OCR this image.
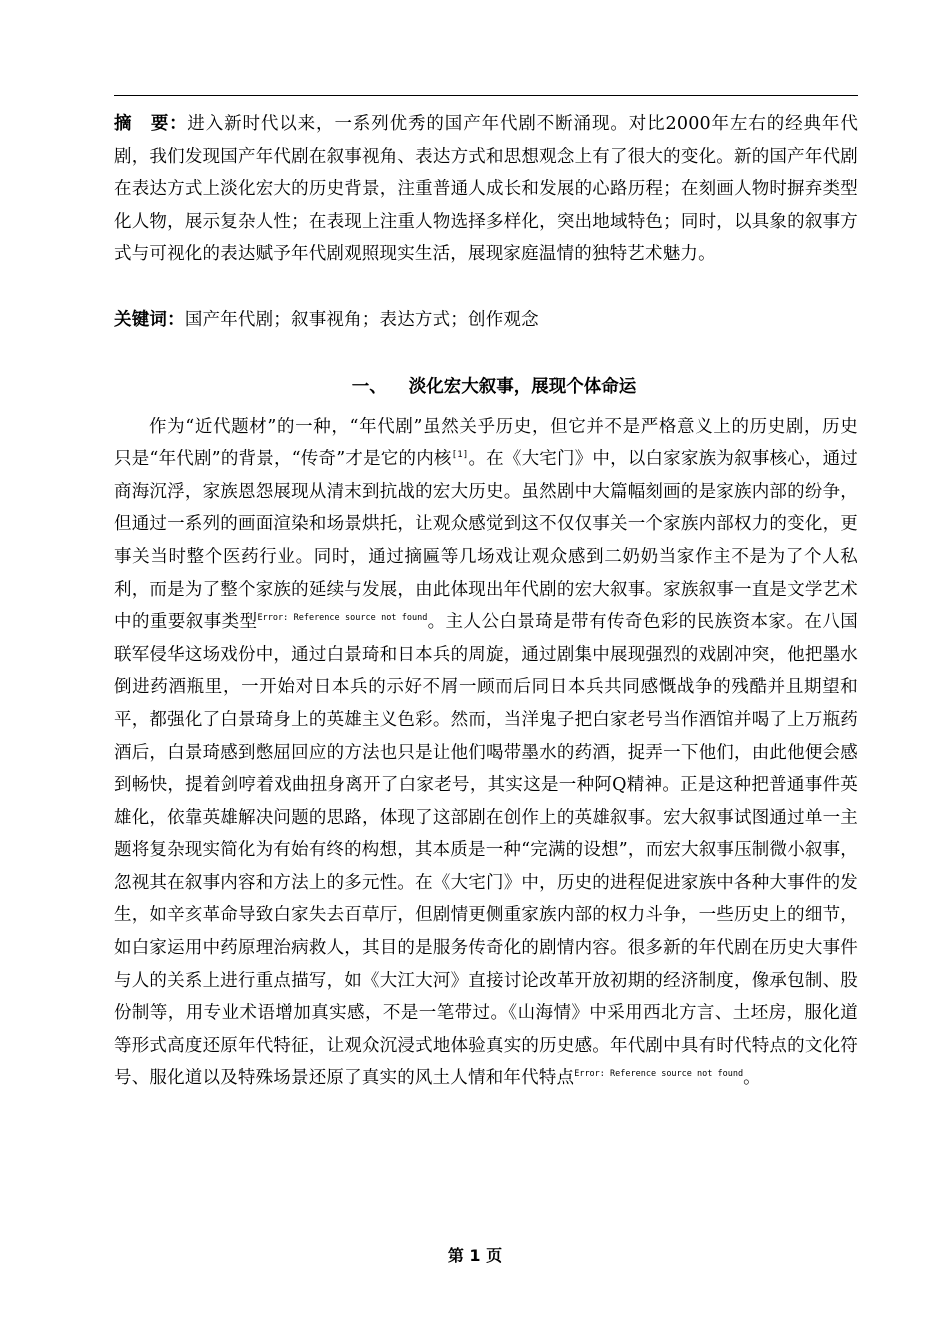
摘 要：进入新时代以来，一系列优秀的国产年代剧不断涌现。对比2000年左右的经典年代剧，我们发现国产年代剧在叙事视角、表达方式和思想观念上有了很大的变化。新的国产年代剧在表达方式上淡化宏大的历史背景，注重普通人成长和发展的心路历程；在刻画人物时摒弃类型化人物，展示复杂人性；在表现上注重人物选择多样化，突出地域特色；同时，以具象的叙事方式与可视化的表达赋予年代剧观照现实生活，展现家庭温情的独特艺术魅力。

关键词：国产年代剧；叙事视角；表达方式；创作观念

一、 淡化宏大叙事，展现个体命运

作为“近代题材”的一种，“年代剧”虽然关乎历史，但它并不是严格意义上的历史剧，历史只是“年代剧”的背景，“传奇”才是它的内核[1]。在《大宅门》中，以白家家族为叙事核心，通过商海沉浮，家族恩怨展现从清末到抗战的宏大历史。虽然剧中大篇幅刻画的是家族内部的纷争，但通过一系列的画面渲染和场景烘托，让观众感觉到这不仅仅事关一个家族内部权力的变化，更事关当时整个医药行业。同时，通过摘匾等几场戏让观众感到二奶奶当家作主不是为了个人私利，而是为了整个家族的延续与发展，由此体现出年代剧的宏大叙事。家族叙事一直是文学艺术中的重要叙事类型$^{Error: Reference source not found}$。主人公白景琦是带有传奇色彩的民族资本家。在八国联军侵华这场戏份中，通过白景琦和日本兵的周旋，通过剧集中展现强烈的戏剧冲突，他把墨水倒进药酒瓶里，一开始对日本兵的示好不屑一顾而后同日本兵共同感慨战争的残酷并且期望和平，都强化了白景琦身上的英雄主义色彩。然而，当洋鬼子把白家老号当作酒馆并喝了上万瓶药酒后，白景琦感到憋屈回应的方法也只是让他们喝带墨水的药酒，捉弄一下他们，由此他便会感到畅快，提着剑哼着戏曲扭身离开了白家老号，其实这是一种阿Q精神。正是这种把普通事件英雄化，依靠英雄解决问题的思路，体现了这部剧在创作上的英雄叙事。宏大叙事试图通过单一主题将复杂现实简化为有始有终的构想，其本质是一种“完满的设想”，而宏大叙事压制微小叙事，忽视其在叙事内容和方法上的多元性。在《大宅门》中，历史的进程促进家族中各种大事件的发生，如辛亥革命导致白家失去百草厅，但剧情更侧重家族内部的权力斗争，一些历史上的细节，如白家运用中药原理治病救人，其目的是服务传奇化的剧情内容。很多新的年代剧在历史大事件与人的关系上进行重点描写，如《大江大河》直接讨论改革开放初期的经济制度，像承包制、股份制等，用专业术语增加真实感，不是一笔带过。《山海情》中采用西北方言、土坯房，服化道等形式高度还原年代特征，让观众沉浸式地体验真实的历史感。年代剧中具有时代特点的文化符号、服化道以及特殊场景还原了真实的风土人情和年代特点$^{Error: Reference source not found}$。

第 1 页
